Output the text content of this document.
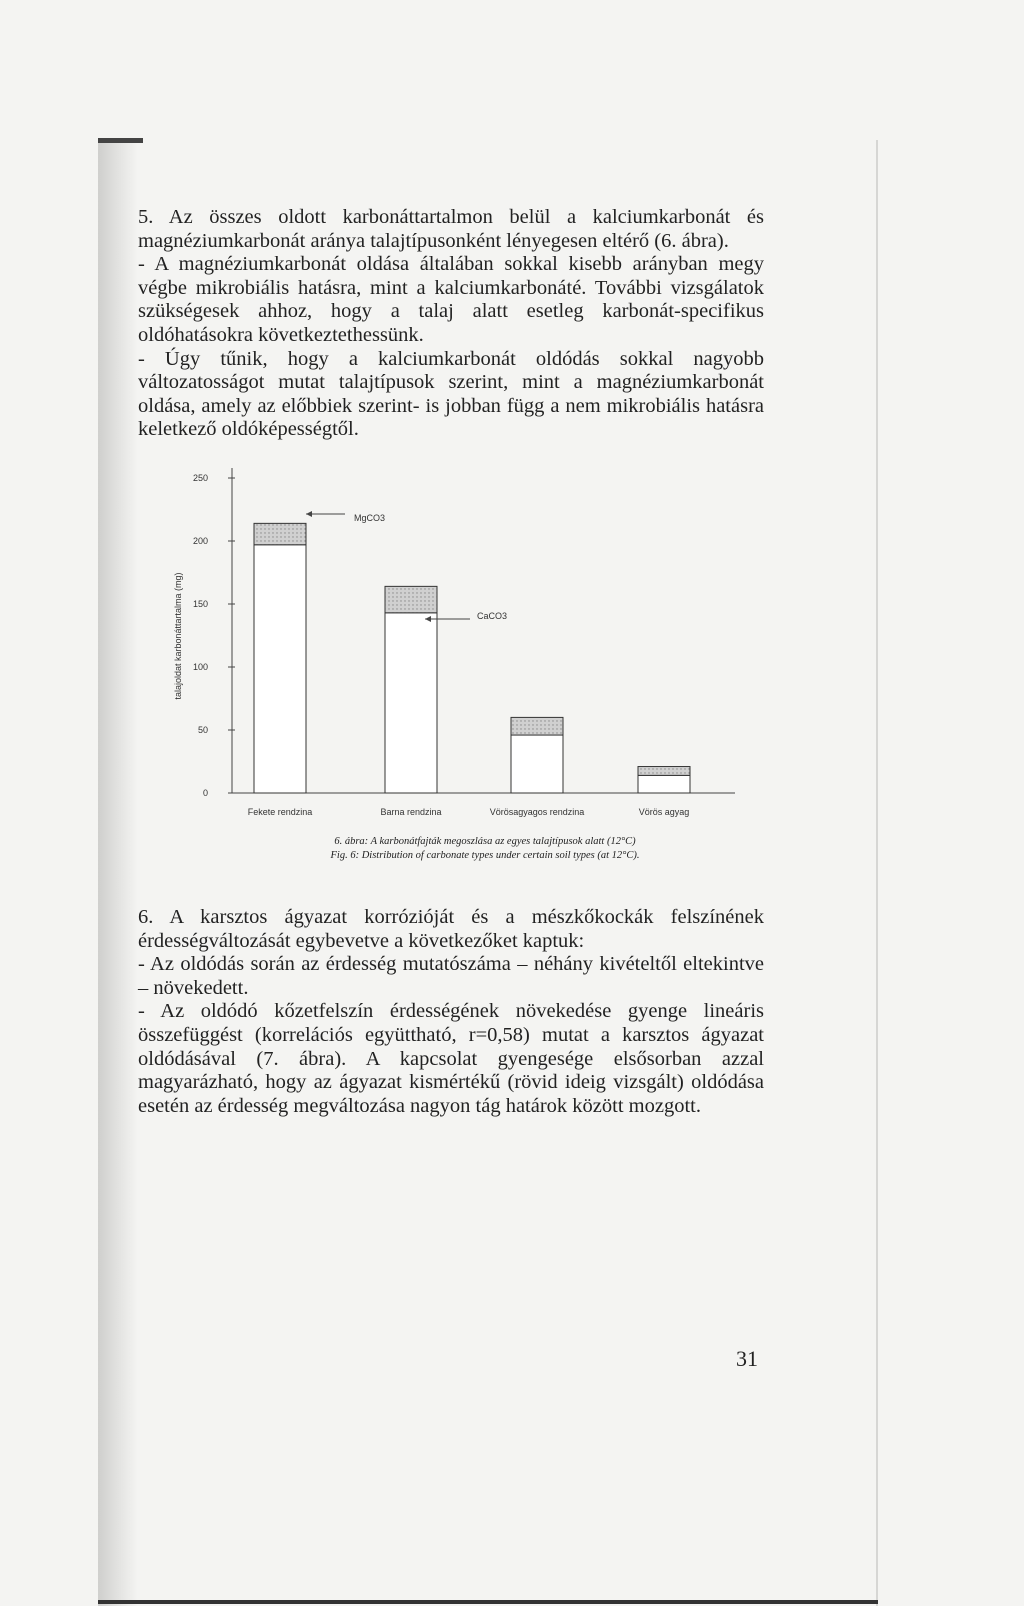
5. Az összes oldott karbonáttartalmon belül a kalciumkarbonát és magnéziumkarbonát aránya talajtípusonként lényegesen eltérő (6. ábra).
- A magnéziumkarbonát oldása általában sokkal kisebb arányban megy végbe mikrobiális hatásra, mint a kalciumkarbonáté. További vizsgálatok szükségesek ahhoz, hogy a talaj alatt esetleg karbonát-specifikus oldóhatásokra következtethessünk.
- Úgy tűnik, hogy a kalciumkarbonát oldódás sokkal nagyobb változatosságot mutat talajtípusok szerint, mint a magnéziumkarbonát oldása, amely az előbbiek szerint- is jobban függ a nem mikrobiális hatásra keletkező oldóképességtől.
0
50
100
150
200
250
talajoldat karbonáttartalma (mg)
Fekete rendzina	Barna rendzina	Vörösagyagos rendzina	Vörös agyag
MgCO3
CaCO3
6. ábra: A karbonátfajták megoszlása az egyes talajtípusok alatt (12°C)
Fig. 6: Distribution of carbonate types under certain soil types (at 12°C).
6. A karsztos ágyazat korrózióját és a mészkőkockák felszínének érdességváltozását egybevetve a következőket kaptuk:
- Az oldódás során az érdesség mutatószáma – néhány kivételtől eltekintve – növekedett.
- Az oldódó kőzetfelszín érdességének növekedése gyenge lineáris összefüggést (korrelációs együttható, r=0,58) mutat a karsztos ágyazat oldódásával (7. ábra). A kapcsolat gyengesége elsősorban azzal magyarázható, hogy az ágyazat kismértékű (rövid ideig vizsgált) oldódása esetén az érdesség megváltozása nagyon tág határok között mozgott.
31
